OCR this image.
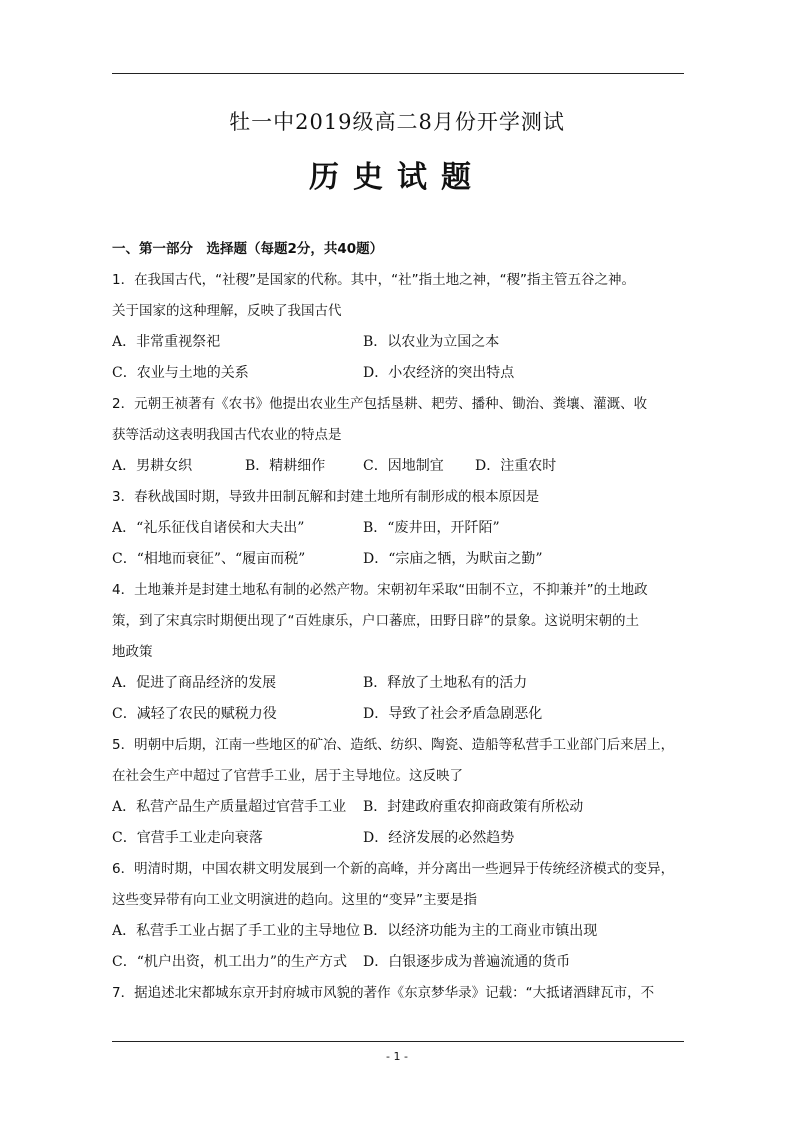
牡一中2019级高二8月份开学测试
历史试题
一、第一部分　选择题（每题2分，共40题）
1．在我国古代，“社稷”是国家的代称。其中，“社”指土地之神，“稷”指主管五谷之神。
关于国家的这种理解，反映了我国古代
A．非常重视祭祀	B．以农业为立国之本
C．农业与土地的关系	D．小农经济的突出特点
2．元朝王祯著有《农书》他提出农业生产包括垦耕、耙劳、播种、锄治、粪壤、灌溉、收
获等活动这表明我国古代农业的特点是
A．男耕女织	B．精耕细作	C．因地制宜 D．注重农时
3．春秋战国时期，导致井田制瓦解和封建土地所有制形成的根本原因是
A．“礼乐征伐自诸侯和大夫出”	B．“废井田，开阡陌”
C．“相地而衰征”、“履亩而税”	D．“宗庙之牺，为畎亩之勤”
4．土地兼并是封建土地私有制的必然产物。宋朝初年采取“田制不立，不抑兼并”的土地政
策，到了宋真宗时期便出现了“百姓康乐，户口蕃庶，田野日辟”的景象。这说明宋朝的土
地政策
A．促进了商品经济的发展	B．释放了土地私有的活力
C．减轻了农民的赋税力役	D．导致了社会矛盾急剧恶化
5．明朝中后期，江南一些地区的矿冶、造纸、纺织、陶瓷、造船等私营手工业部门后来居上，
在社会生产中超过了官营手工业，居于主导地位。这反映了
A．私营产品生产质量超过官营手工业 B．封建政府重农抑商政策有所松动
C．官营手工业走向衰落	D．经济发展的必然趋势
6．明清时期，中国农耕文明发展到一个新的高峰，并分离出一些迥异于传统经济模式的变异，
这些变异带有向工业文明演进的趋向。这里的“变异”主要是指
A．私营手工业占据了手工业的主导地位 B．以经济功能为主的工商业市镇出现
C．“机户出资，机工出力”的生产方式 D．白银逐步成为普遍流通的货币
7．据追述北宋都城东京开封府城市风貌的著作《东京梦华录》记载：“大抵诸酒肆瓦市，不
- 1 -
